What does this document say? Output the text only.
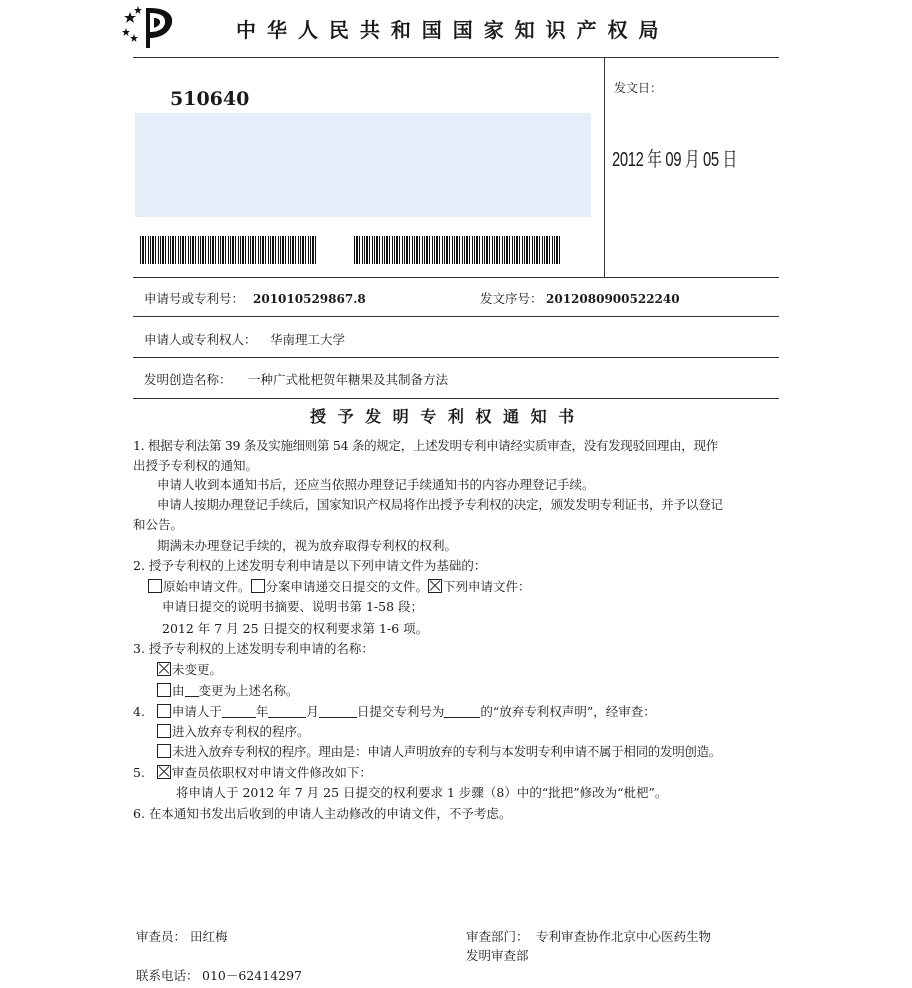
中 华 人 民 共 和 国 国 家 知 识 产 权 局
510640	发文日：
2012 年 09 月 05 日
申请号或专利号： 201010529867.8	发文序号： 2012080900522240
申请人或专利权人： 华南理工大学
发明创造名称： 一种广式枇杷贺年糖果及其制备方法
授 予 发 明 专 利 权 通 知 书
1. 根据专利法第 39 条及实施细则第 54 条的规定，上述发明专利申请经实质审查，没有发现驳回理由，现作
出授予专利权的通知。
申请人收到本通知书后，还应当依照办理登记手续通知书的内容办理登记手续。
申请人按期办理登记手续后，国家知识产权局将作出授予专利权的决定，颁发发明专利证书，并予以登记
和公告。
期满未办理登记手续的，视为放弃取得专利权的权利。
2. 授予专利权的上述发明专利申请是以下列申请文件为基础的：
原始申请文件。 分案申请递交日提交的文件。 下列申请文件：
申请日提交的说明书摘要、说明书第 1-58 段；
2012 年 7 月 25 日提交的权利要求第 1-6 项。
3. 授予专利权的上述发明专利申请的名称：
未变更。
由 变更为上述名称。
4. 申请人于	年	月	日提交专利号为	的“放弃专利权声明”，经审查：
进入放弃专利权的程序。
未进入放弃专利权的程序。理由是：申请人声明放弃的专利与本发明专利申请不属于相同的发明创造。
5. 审查员依职权对申请文件修改如下：
将申请人于 2012 年 7 月 25 日提交的权利要求 1 步骤（8）中的“批把”修改为“枇杷”。
6. 在本通知书发出后收到的申请人主动修改的申请文件，不予考虑。
审查员： 田红梅
联系电话： 010－62414297
审查部门： 专利审查协作北京中心医药生物
发明审查部
